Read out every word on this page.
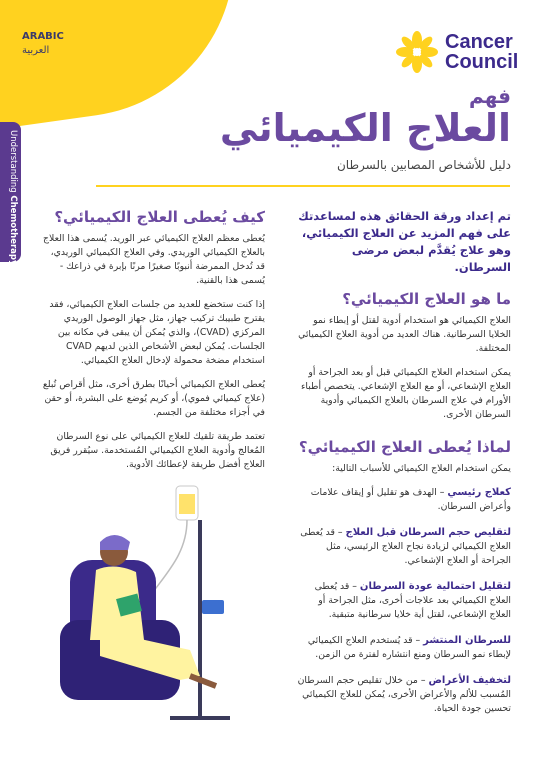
ARABIC
العربية	Cancer
Council
Understanding Chemotherapy
فهم
العلاج الكيميائي
دليل للأشخاص المصابين بالسرطان

تم إعداد ورقة الحقائق هذه لمساعدتك على فهم المزيد عن العلاج الكيميائي، وهو علاج يُقدَّم لبعض مرضى السرطان.

ما هو العلاج الكيميائي؟

العلاج الكيميائي هو استخدام أدوية لقتل أو إبطاء نمو الخلايا السرطانية. هناك العديد من أدوية العلاج الكيميائي المختلفة.

يمكن استخدام العلاج الكيميائي قبل أو بعد الجراحة أو العلاج الإشعاعي، أو مع العلاج الإشعاعي. يتخصص أطباء الأورام في علاج السرطان بالعلاج الكيميائي وأدوية السرطان الأخرى.

لماذا يُعطى العلاج الكيميائي؟

يمكن استخدام العلاج الكيميائي للأسباب التالية:

كعلاج رئيسي – الهدف هو تقليل أو إيقاف علامات وأعراض السرطان.

لتقليص حجم السرطان قبل العلاج – قد يُعطى العلاج الكيميائي لزيادة نجاح العلاج الرئيسي، مثل الجراحة أو العلاج الإشعاعي.

لتقليل احتمالية عودة السرطان – قد يُعطى العلاج الكيميائي بعد علاجات أخرى، مثل الجراحة أو العلاج الإشعاعي، لقتل أية خلايا سرطانية متبقية.

للسرطان المنتشر – قد يُستخدم العلاج الكيميائي لإبطاء نمو السرطان ومنع انتشاره لفترة من الزمن.

لتخفيف الأعراض – من خلال تقليص حجم السرطان المُسبب للألم والأعراض الأخرى، يُمكن للعلاج الكيميائي تحسين جودة الحياة.

كيف يُعطى العلاج الكيميائي؟

يُعطى معظم العلاج الكيميائي عبر الوريد. يُسمى هذا العلاج بالعلاج الكيميائي الوريدي. وفي العلاج الكيميائي الوريدي، قد تُدخل الممرضة أنبوبًا صغيرًا مرنًا بإبرة في ذراعك - يُسمى هذا بالقنية.

إذا كنت ستخضع للعديد من جلسات العلاج الكيميائي، فقد يقترح طبيبك تركيب جهاز، مثل جهاز الوصول الوريدي المركزي (CVAD)، والذي يُمكن أن يبقى في مكانه بين الجلسات. يُمكن لبعض الأشخاص الذين لديهم CVAD استخدام مضخة محمولة لإدخال العلاج الكيميائي.

يُعطى العلاج الكيميائي أحيانًا بطرق أخرى، مثل أقراص تُبلع (علاج كيميائي فموي)، أو كريم يُوضع على البشرة، أو حقن في أجزاء مختلفة من الجسم.

تعتمد طريقة تلقيك للعلاج الكيميائي على نوع السرطان المُعالج وأدوية العلاج الكيميائي المُستخدمة. سيُقرر فريق العلاج أفضل طريقة لإعطائك الأدوية.
